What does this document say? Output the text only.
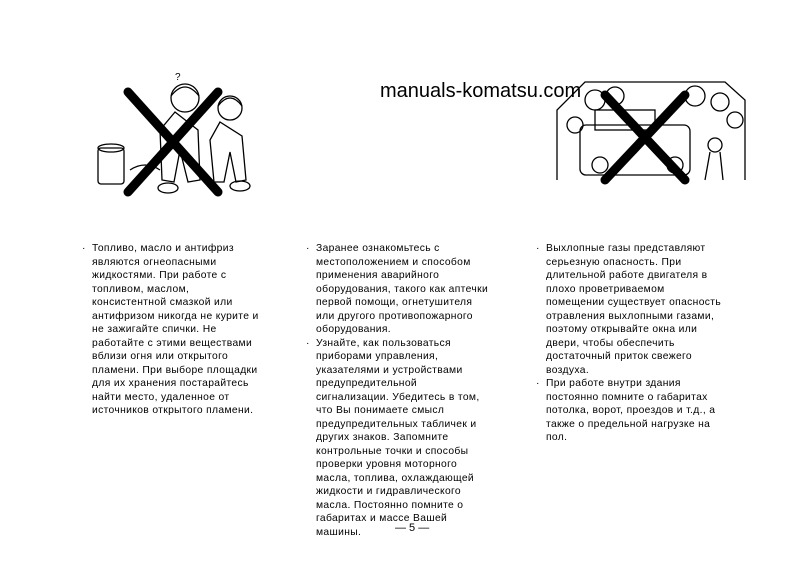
?
manuals-komatsu.com

· Топливо, масло и антифриз
являются огнеопасными
жидкостями. При работе с
топливом, маслом,
консистентной смазкой или
антифризом никогда не курите и
не зажигайте спички. Не
работайте с этими веществами
вблизи огня или открытого
пламени. При выборе площадки
для их хранения постарайтесь
найти место, удаленное от
источников открытого пламени.

· Заранее ознакомьтесь с
местоположением и способом
применения аварийного
оборудования, такого как аптечки
первой помощи, огнетушителя
или другого противопожарного
оборудования.

· Узнайте, как пользоваться
приборами управления,
указателями и устройствами
предупредительной
сигнализации. Убедитесь в том,
что Вы понимаете смысл
предупредительных табличек и
других знаков. Запомните
контрольные точки и способы
проверки уровня моторного
масла, топлива, охлаждающей
жидкости и гидравлического
масла. Постоянно помните о
габаритах и массе Вашей
машины.

· Выхлопные газы представляют
серьезную опасность. При
длительной работе двигателя в
плохо проветриваемом
помещении существует опасность
отравления выхлопными газами,
поэтому открывайте окна или
двери, чтобы обеспечить
достаточный приток свежего
воздуха.

· При работе внутри здания
постоянно помните о габаритах
потолка, ворот, проездов и т.д., а
также о предельной нагрузке на
пол.

— 5 —
